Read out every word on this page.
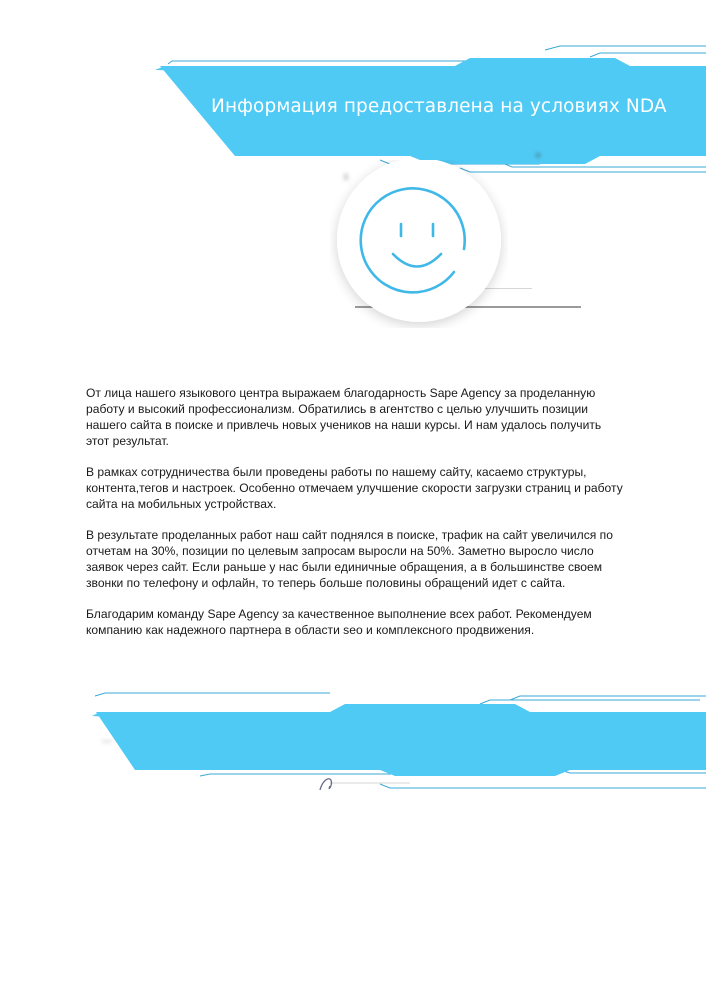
ᵡ
•
—
Информация предоставлена на условиях NDA

От лица нашего языкового центра выражаем благодарность Sape Agency за проделанную работу и высокий профессионализм. Обратились в агентство с целью улучшить позиции нашего сайта в поиске и привлечь новых учеников на наши курсы. И нам удалось получить этот результат.

В рамках сотрудничества были проведены работы по нашему сайту, касаемо структуры, контента,тегов и настроек. Особенно отмечаем улучшение скорости загрузки страниц и работу сайта на мобильных устройствах.

В результате проделанных работ наш сайт поднялся в поиске, трафик на сайт увеличился по отчетам на 30%, позиции по целевым запросам выросли на 50%. Заметно выросло число заявок через сайт. Если раньше у нас были единичные обращения, а в большинстве своем звонки по телефону и офлайн, то теперь больше половины обращений идет с сайта.

Благодарим команду Sape Agency за качественное выполнение всех работ. Рекомендуем компанию как надежного партнера в области seo и комплексного продвижения.
